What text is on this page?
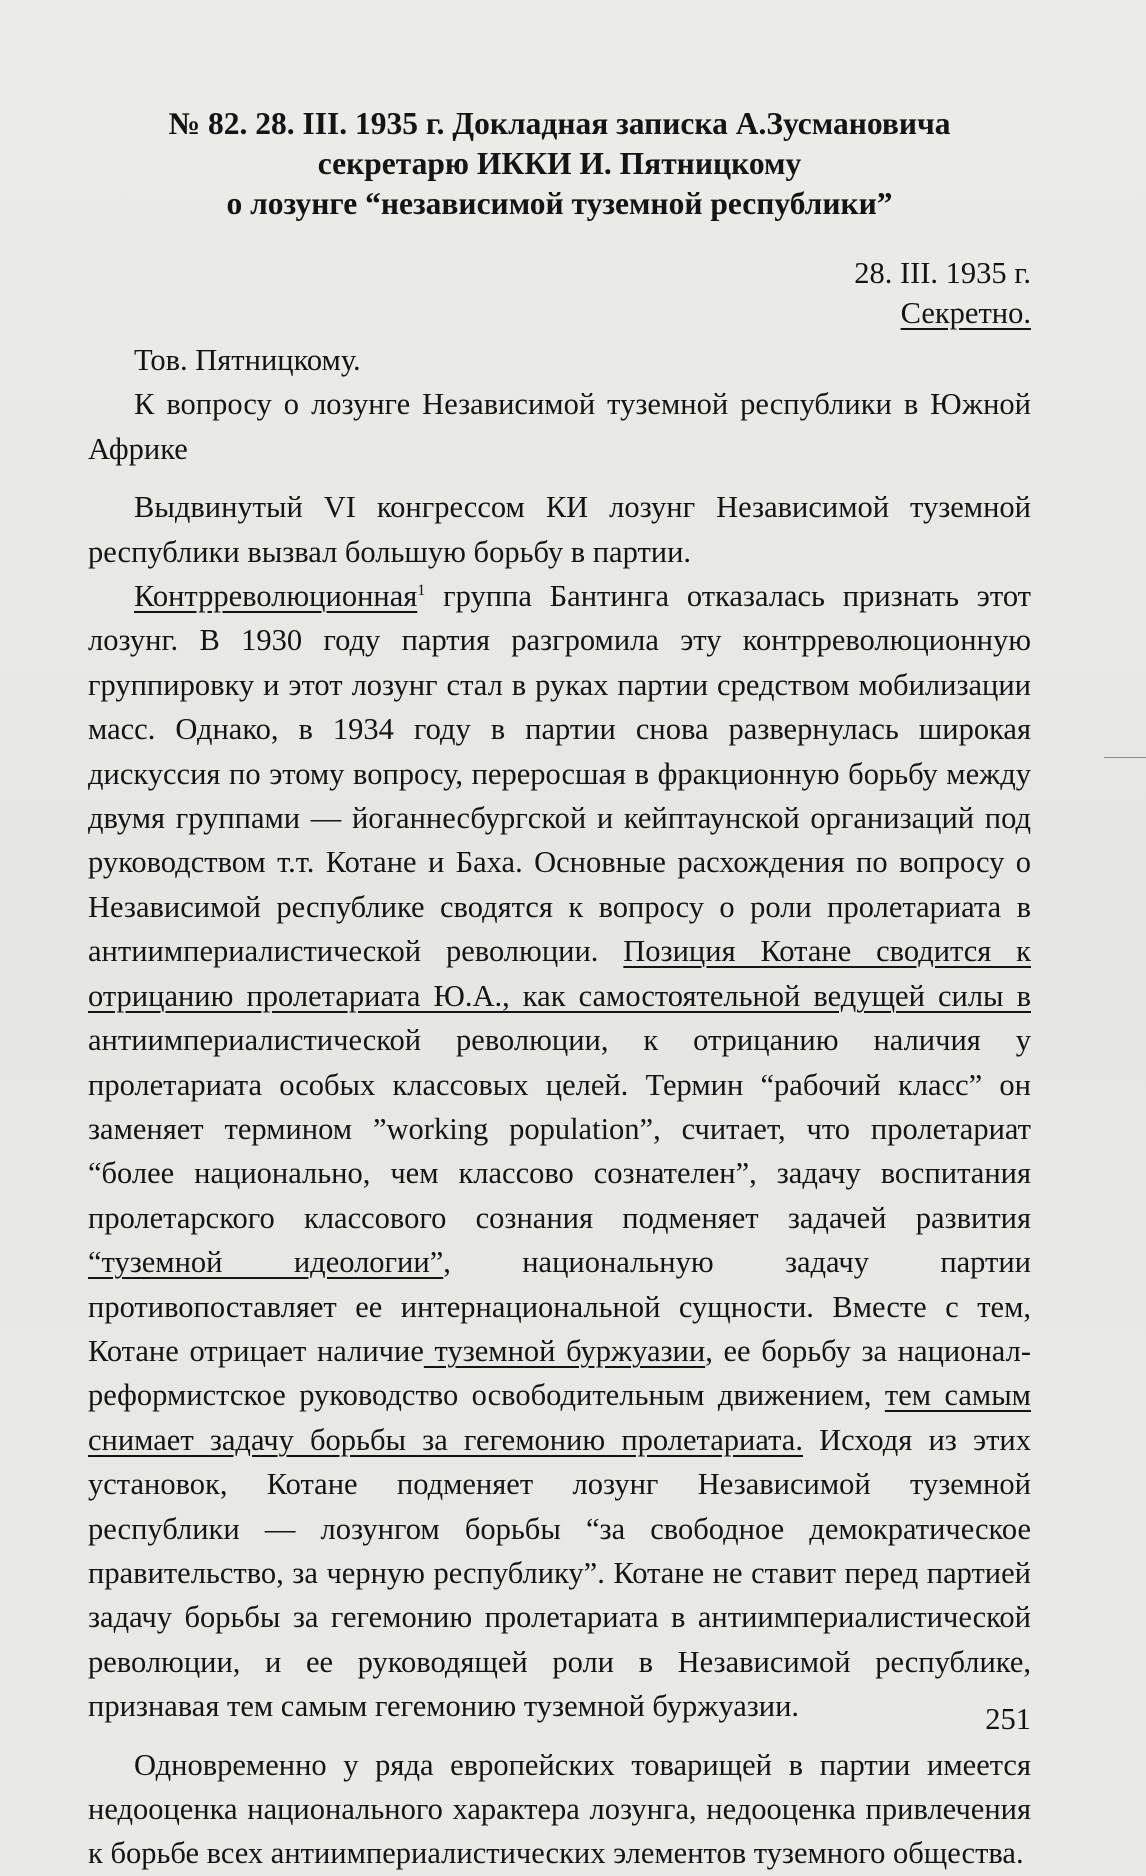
№ 82. 28. III. 1935 г. Докладная записка А.Зусмановича
секретарю ИККИ И. Пятницкому
о лозунге “независимой туземной республики”
28. III. 1935 г.
Секретно.

Тов. Пятницкому.

К вопросу о лозунге Независимой туземной республики в Южной Африке

Выдвинутый VI конгрессом КИ лозунг Независимой туземной республики вызвал большую борьбу в партии.

Контрреволюционная$^1$ группа Бантинга отказалась признать этот лозунг. В 1930 году партия разгромила эту контрреволюционную группировку и этот лозунг стал в руках партии средством мобилизации масс. Однако, в 1934 году в партии снова развернулась широкая дискуссия по этому вопросу, переросшая в фракционную борьбу между двумя группами — йоганнесбургской и кейптаунской организаций под руководством т.т. Котане и Баха. Основные расхождения по вопросу о Независимой республике сводятся к вопросу о роли пролетариата в антиимпериалистической революции. Позиция Котане сводится к отрицанию пролетариата Ю.А., как самостоятельной ведущей силы в антиимпериалистической революции, к отрицанию наличия у пролетариата особых классовых целей. Термин “рабочий класс” он заменяет термином ”working population”, считает, что пролетариат “более национально, чем классово сознателен”, задачу воспитания пролетарского классового сознания подменяет задачей развития “туземной идеологии”, национальную задачу партии противопоставляет ее интернациональной сущности. Вместе с тем, Котане отрицает наличие туземной буржуазии, ее борьбу за национал-реформистское руководство освободительным движением, тем самым снимает задачу борьбы за гегемонию пролетариата. Исходя из этих установок, Котане подменяет лозунг Независимой туземной республики — лозунгом борьбы “за свободное демократическое правительство, за черную республику”. Котане не ставит перед партией задачу борьбы за гегемонию пролетариата в антиимпериалистической революции, и ее руководящей роли в Независимой республике, признавая тем самым гегемонию туземной буржуазии.

Одновременно у ряда европейских товарищей в партии имеется недооценка национального характера лозунга, недооценка привлечения к борьбе всех антиимпериалистических элементов туземного общества.

251
